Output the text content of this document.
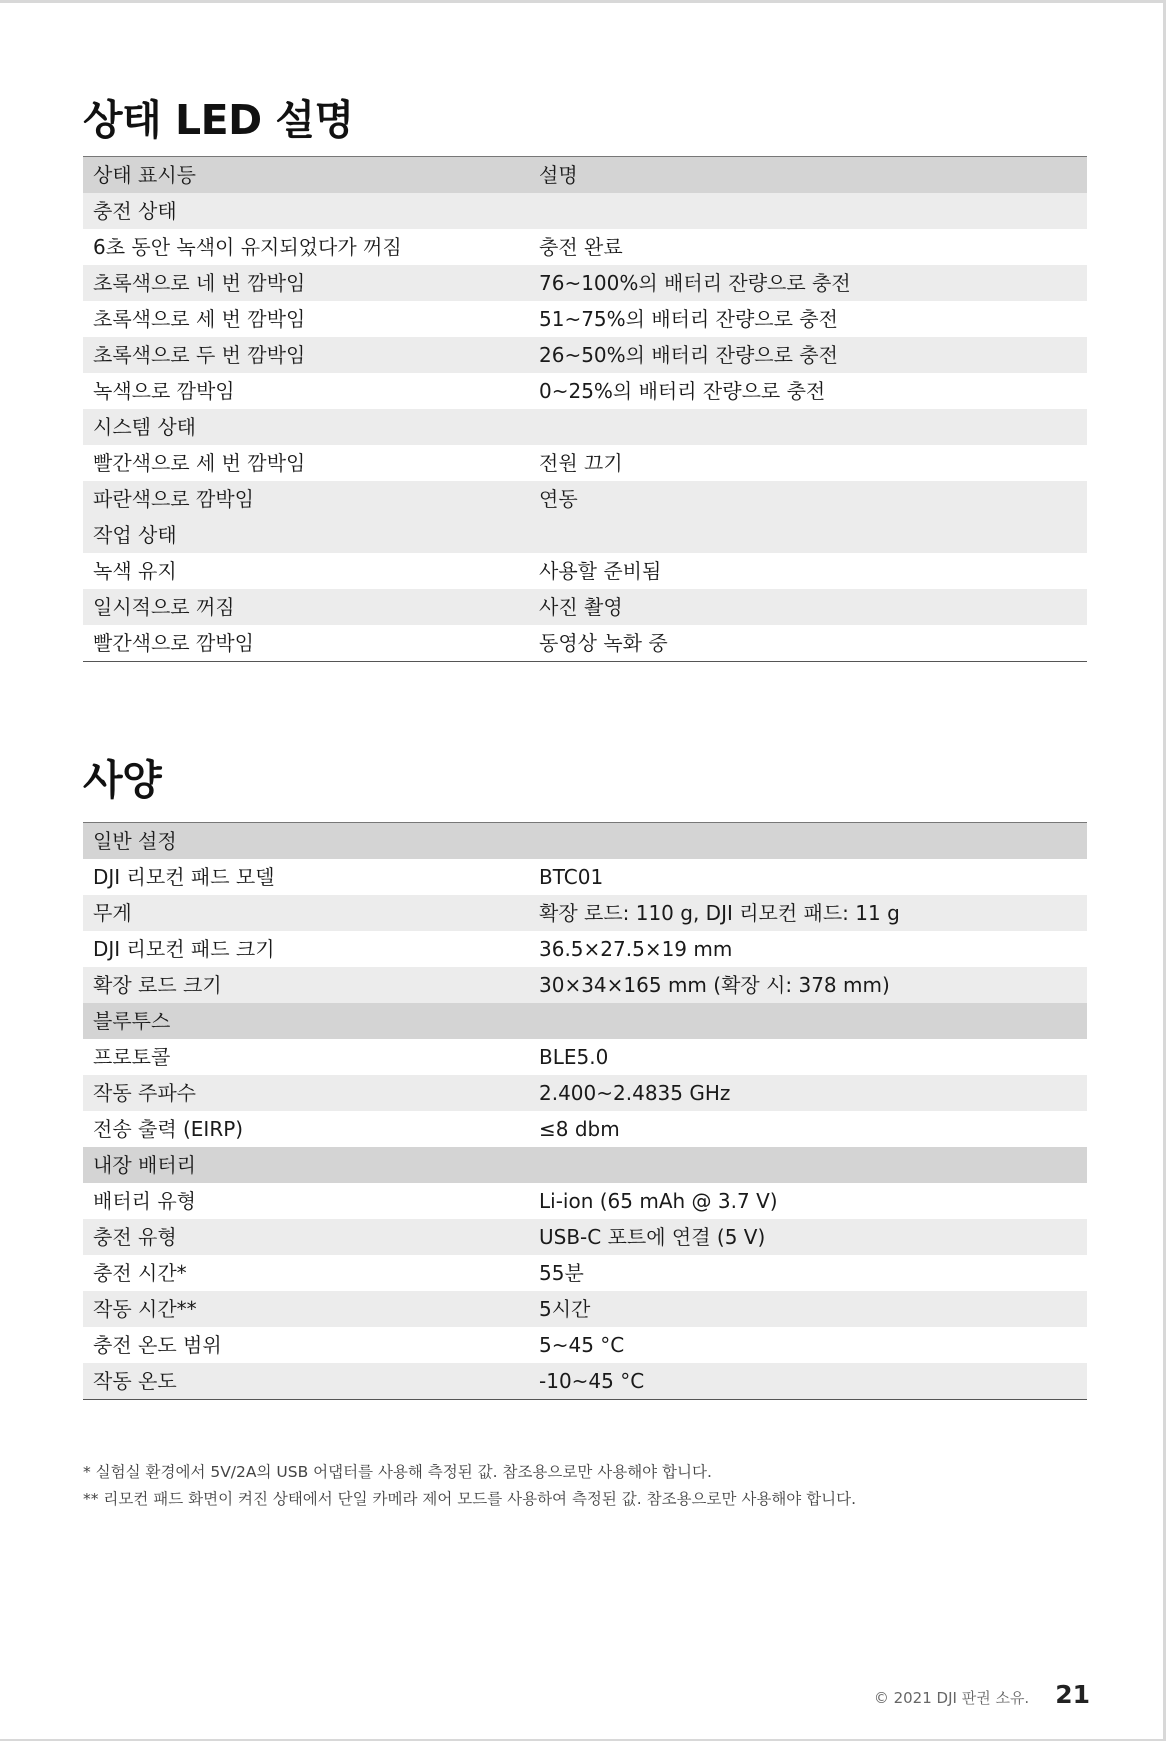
상태 LED 설명
상태 표시등	설명
충전 상태	
6초 동안 녹색이 유지되었다가 꺼짐	충전 완료
초록색으로 네 번 깜박임	76~100%의 배터리 잔량으로 충전
초록색으로 세 번 깜박임	51~75%의 배터리 잔량으로 충전
초록색으로 두 번 깜박임	26~50%의 배터리 잔량으로 충전
녹색으로 깜박임	0~25%의 배터리 잔량으로 충전
시스템 상태	
빨간색으로 세 번 깜박임	전원 끄기
파란색으로 깜박임	연동
작업 상태	
녹색 유지	사용할 준비됨
일시적으로 꺼짐	사진 촬영
빨간색으로 깜박임	동영상 녹화 중
사양
일반 설정	
DJI 리모컨 패드 모델	BTC01
무게	확장 로드: 110 g, DJI 리모컨 패드: 11 g
DJI 리모컨 패드 크기	36.5×27.5×19 mm
확장 로드 크기	30×34×165 mm (확장 시: 378 mm)
블루투스	
프로토콜	BLE5.0
작동 주파수	2.400~2.4835 GHz
전송 출력 (EIRP)	≤8 dbm
내장 배터리	
배터리 유형	Li-ion (65 mAh @ 3.7 V)
충전 유형	USB-C 포트에 연결 (5 V)
충전 시간*	55분
작동 시간**	5시간
충전 온도 범위	5~45 °C
작동 온도	-10~45 °C
* 실험실 환경에서 5V/2A의 USB 어댑터를 사용해 측정된 값. 참조용으로만 사용해야 합니다.
** 리모컨 패드 화면이 켜진 상태에서 단일 카메라 제어 모드를 사용하여 측정된 값. 참조용으로만 사용해야 합니다.
© 2021 DJI 판권 소유. 21
